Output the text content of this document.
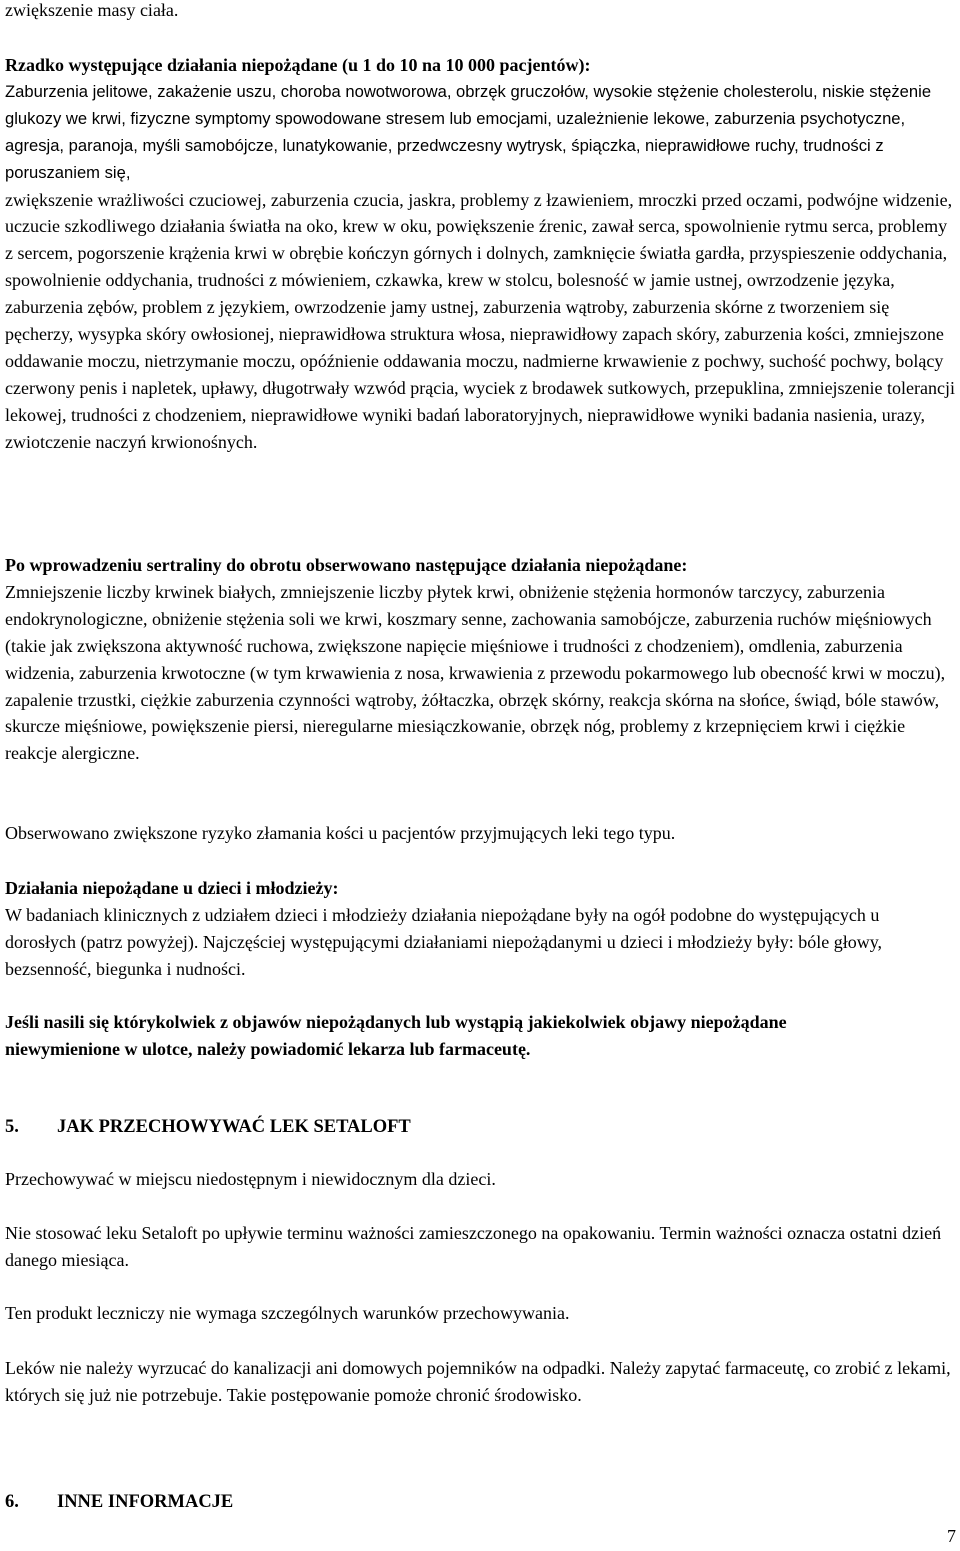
zwiększenie masy ciała.

Rzadko występujące działania niepożądane (u 1 do 10 na 10 000 pacjentów):

Zaburzenia jelitowe, zakażenie uszu, choroba nowotworowa, obrzęk gruczołów, wysokie stężenie cholesterolu, niskie stężenie glukozy we krwi, fizyczne symptomy spowodowane stresem lub emocjami, uzależnienie lekowe, zaburzenia psychotyczne, agresja, paranoja, myśli samobójcze, lunatykowanie, przedwczesny wytrysk, śpiączka, nieprawidłowe ruchy, trudności z poruszaniem się,

zwiększenie wrażliwości czuciowej, zaburzenia czucia, jaskra, problemy z łzawieniem, mroczki przed oczami, podwójne widzenie, uczucie szkodliwego działania światła na oko, krew w oku, powiększenie źrenic, zawał serca, spowolnienie rytmu serca, problemy z sercem, pogorszenie krążenia krwi w obrębie kończyn górnych i dolnych, zamknięcie światła gardła, przyspieszenie oddychania, spowolnienie oddychania, trudności z mówieniem, czkawka, krew w stolcu, bolesność w jamie ustnej, owrzodzenie języka, zaburzenia zębów, problem z językiem, owrzodzenie jamy ustnej, zaburzenia wątroby, zaburzenia skórne z tworzeniem się pęcherzy, wysypka skóry owłosionej, nieprawidłowa struktura włosa, nieprawidłowy zapach skóry, zaburzenia kości, zmniejszone oddawanie moczu, nietrzymanie moczu, opóźnienie oddawania moczu, nadmierne krwawienie z pochwy, suchość pochwy, bolący czerwony penis i napletek, upławy, długotrwały wzwód prącia, wyciek z brodawek sutkowych, przepuklina, zmniejszenie tolerancji lekowej, trudności z chodzeniem, nieprawidłowe wyniki badań laboratoryjnych, nieprawidłowe wyniki badania nasienia, urazy, zwiotczenie naczyń krwionośnych.

Po wprowadzeniu sertraliny do obrotu obserwowano następujące działania niepożądane:

Zmniejszenie liczby krwinek białych, zmniejszenie liczby płytek krwi, obniżenie stężenia hormonów tarczycy, zaburzenia endokrynologiczne, obniżenie stężenia soli we krwi, koszmary senne, zachowania samobójcze, zaburzenia ruchów mięśniowych (takie jak zwiększona aktywność ruchowa, zwiększone napięcie mięśniowe i trudności z chodzeniem), omdlenia, zaburzenia widzenia, zaburzenia krwotoczne (w tym krwawienia z nosa, krwawienia z przewodu pokarmowego lub obecność krwi w moczu), zapalenie trzustki, ciężkie zaburzenia czynności wątroby, żółtaczka, obrzęk skórny, reakcja skórna na słońce, świąd, bóle stawów, skurcze mięśniowe, powiększenie piersi, nieregularne miesiączkowanie, obrzęk nóg, problemy z krzepnięciem krwi i ciężkie reakcje alergiczne.

Obserwowano zwiększone ryzyko złamania kości u pacjentów przyjmujących leki tego typu.

Działania niepożądane u dzieci i młodzieży:

W badaniach klinicznych z udziałem dzieci i młodzieży działania niepożądane były na ogół podobne do występujących u dorosłych (patrz powyżej). Najczęściej występującymi działaniami niepożądanymi u dzieci i młodzieży były: bóle głowy, bezsenność, biegunka i nudności.

Jeśli nasili się którykolwiek z objawów niepożądanych lub wystąpią jakiekolwiek objawy niepożądane niewymienione w ulotce, należy powiadomić lekarza lub farmaceutę.

5. JAK PRZECHOWYWAĆ LEK SETALOFT

Przechowywać w miejscu niedostępnym i niewidocznym dla dzieci.

Nie stosować leku Setaloft po upływie terminu ważności zamieszczonego na opakowaniu. Termin ważności oznacza ostatni dzień danego miesiąca.

Ten produkt leczniczy nie wymaga szczególnych warunków przechowywania.

Leków nie należy wyrzucać do kanalizacji ani domowych pojemników na odpadki. Należy zapytać farmaceutę, co zrobić z lekami, których się już nie potrzebuje. Takie postępowanie pomoże chronić środowisko.

6. INNE INFORMACJE
7
